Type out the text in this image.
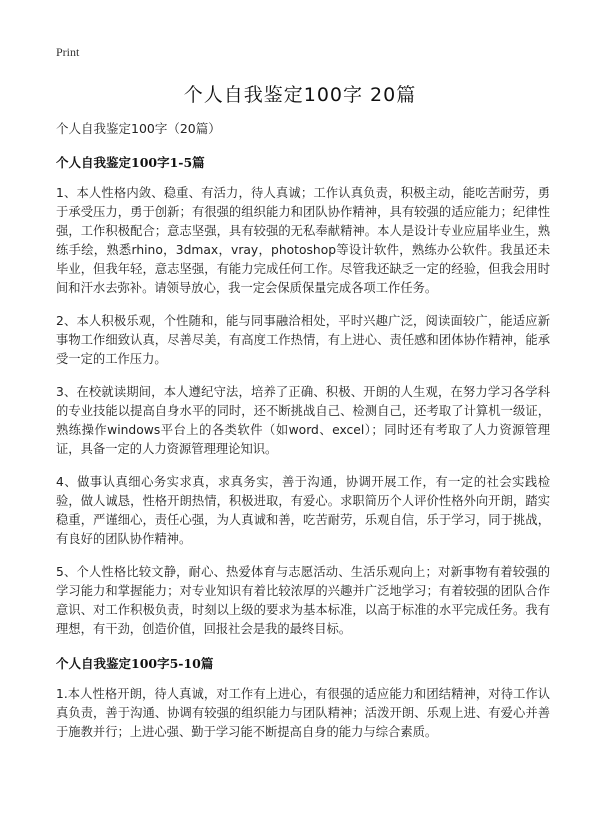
Print
个人自我鉴定100字 20篇
个人自我鉴定100字（20篇）
个人自我鉴定100字1-5篇

1、本人性格内敛、稳重、有活力，待人真诚；工作认真负责，积极主动，能吃苦耐劳，勇于承受压力，勇于创新；有很强的组织能力和团队协作精神，具有较强的适应能力；纪律性强，工作积极配合；意志坚强，具有较强的无私奉献精神。本人是设计专业应届毕业生，熟练手绘，熟悉rhino，3dmax，vray，photoshop等设计软件，熟练办公软件。我虽还未毕业，但我年轻，意志坚强，有能力完成任何工作。尽管我还缺乏一定的经验，但我会用时间和汗水去弥补。请领导放心，我一定会保质保量完成各项工作任务。

2、本人积极乐观，个性随和，能与同事融洽相处，平时兴趣广泛，阅读面较广，能适应新事物工作细致认真，尽善尽美，有高度工作热情，有上进心、责任感和团体协作精神，能承受一定的工作压力。

3、在校就读期间，本人遵纪守法，培养了正确、积极、开朗的人生观，在努力学习各学科的专业技能以提高自身水平的同时，还不断挑战自己、检测自己，还考取了计算机一级证，熟练操作windows平台上的各类软件（如word、excel）；同时还有考取了人力资源管理证，具备一定的人力资源管理理论知识。

4、做事认真细心务实求真，求真务实，善于沟通，协调开展工作，有一定的社会实践检验，做人诚恳，性格开朗热情，积极进取，有爱心。求职简历个人评价性格外向开朗，踏实稳重，严谨细心，责任心强，为人真诚和善，吃苦耐劳，乐观自信，乐于学习，同于挑战，有良好的团队协作精神。

5、个人性格比较文静，耐心、热爱体育与志愿活动、生活乐观向上；对新事物有着较强的学习能力和掌握能力；对专业知识有着比较浓厚的兴趣并广泛地学习；有着较强的团队合作意识、对工作积极负责，时刻以上级的要求为基本标准，以高于标准的水平完成任务。我有理想，有干劲，创造价值，回报社会是我的最终目标。

个人自我鉴定100字5-10篇

1.本人性格开朗，待人真诚，对工作有上进心，有很强的适应能力和团结精神，对待工作认真负责，善于沟通、协调有较强的组织能力与团队精神；活泼开朗、乐观上进、有爱心并善于施教并行；上进心强、勤于学习能不断提高自身的能力与综合素质。
